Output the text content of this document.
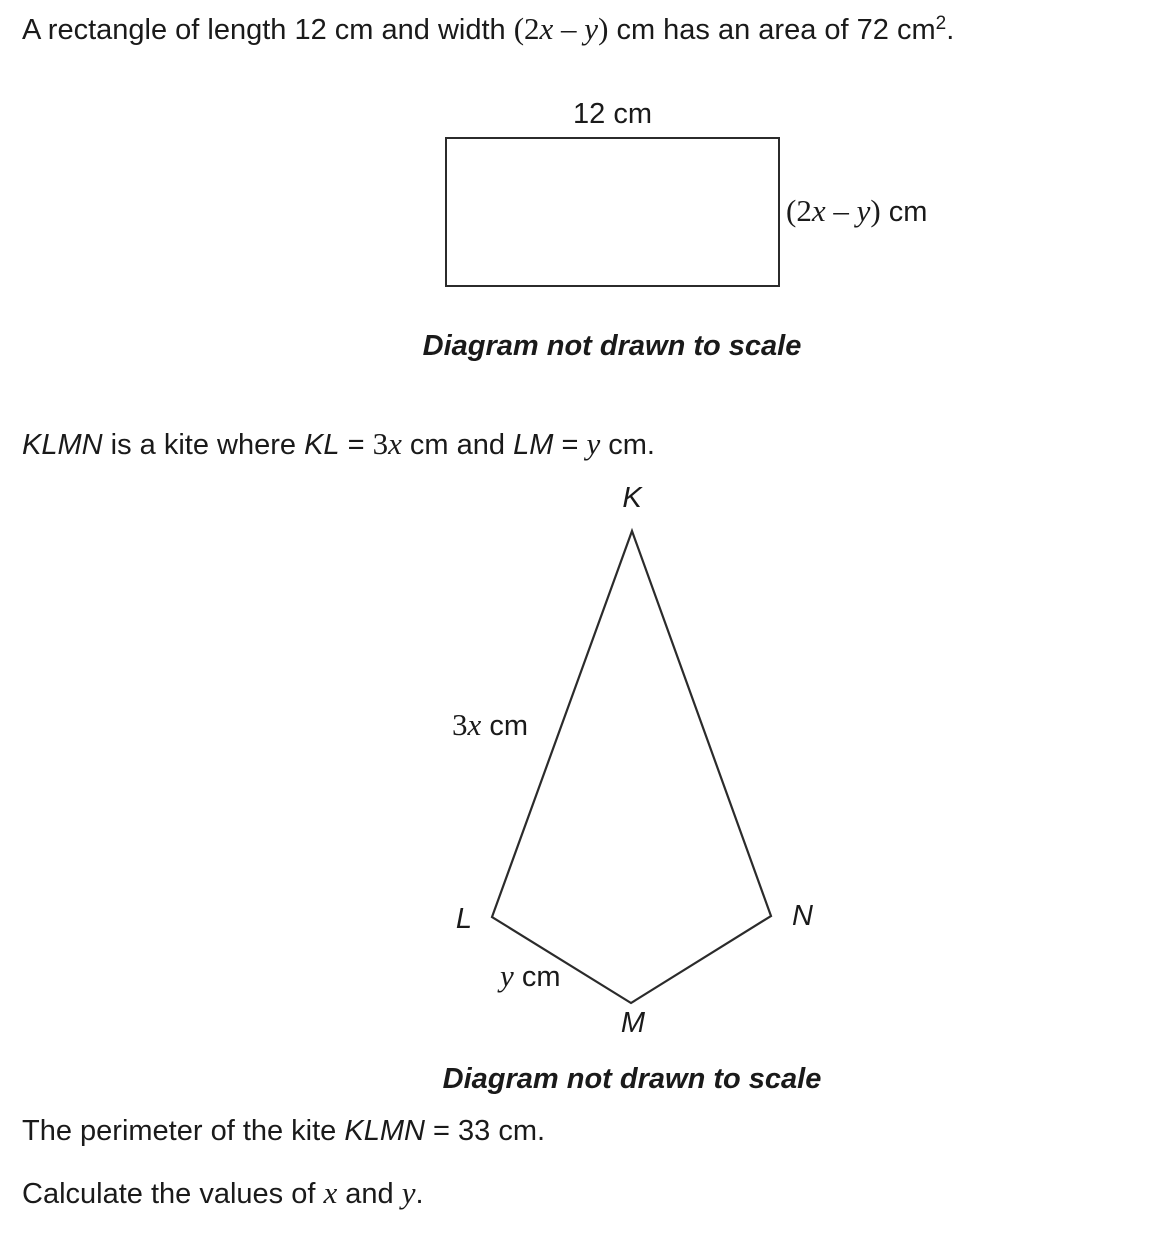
A rectangle of length 12 cm and width (2x – y) cm has an area of 72 $cm^2$.
12 cm
(2x – y) cm
Diagram not drawn to scale
KLMN is a kite where KL = 3x cm and LM = y cm.
K
L	N
M
3x cm
y cm
Diagram not drawn to scale
The perimeter of the kite KLMN = 33 cm.
Calculate the values of x and y.
